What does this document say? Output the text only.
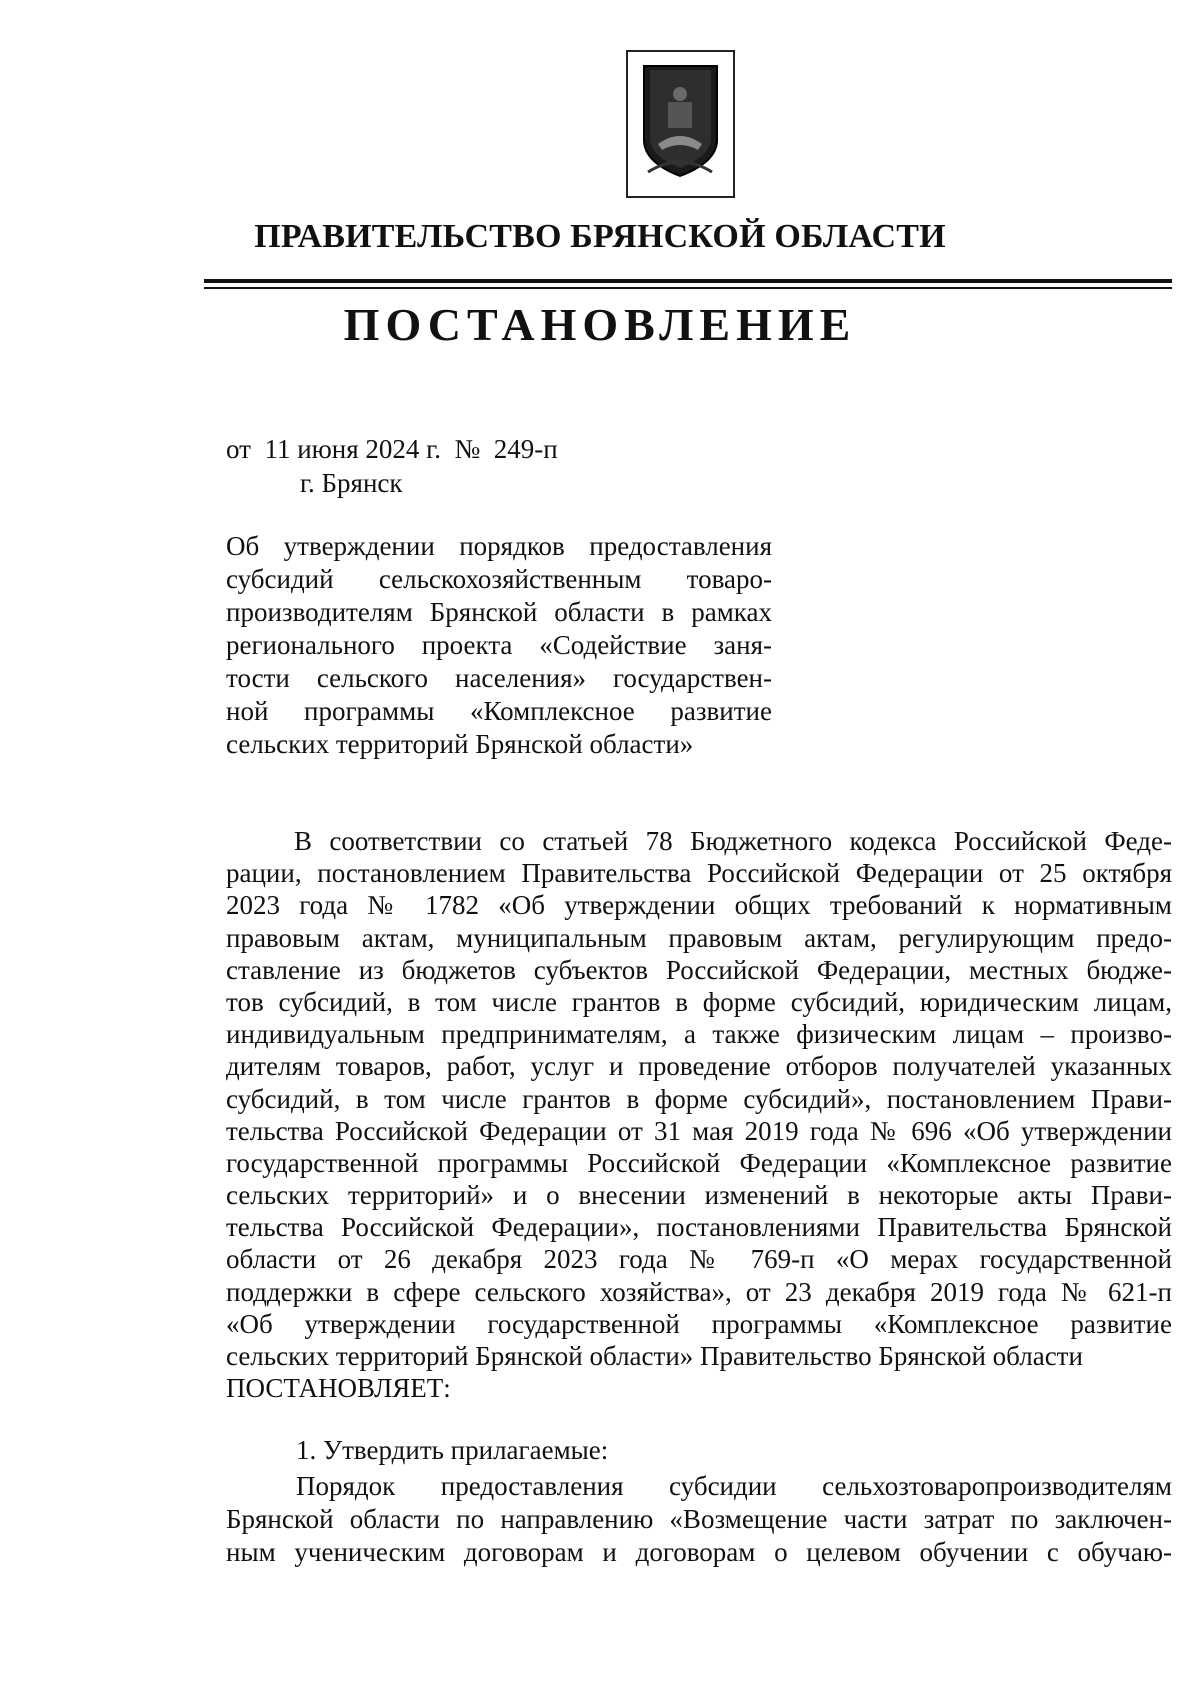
ПРАВИТЕЛЬСТВО БРЯНСКОЙ ОБЛАСТИ
ПОСТАНОВЛЕНИЕ
от  11 июня 2024 г.  №  249-п
г. Брянск
Об утверждении порядков предоставления
субсидий сельскохозяйственным товаро-
производителям Брянской области в рамках
регионального проекта «Содействие заня-
тости сельского населения» государствен-
ной программы «Комплексное развитие
сельских территорий Брянской области»
В соответствии со статьей 78 Бюджетного кодекса Российской Феде-
рации, постановлением Правительства Российской Федерации от 25 октября
2023 года № 1782 «Об утверждении общих требований к нормативным
правовым актам, муниципальным правовым актам, регулирующим предо-
ставление из бюджетов субъектов Российской Федерации, местных бюдже-
тов субсидий, в том числе грантов в форме субсидий, юридическим лицам,
индивидуальным предпринимателям, а также физическим лицам – произво-
дителям товаров, работ, услуг и проведение отборов получателей указанных
субсидий, в том числе грантов в форме субсидий», постановлением Прави-
тельства Российской Федерации от 31 мая 2019 года № 696 «Об утверждении
государственной программы Российской Федерации «Комплексное развитие
сельских территорий» и о внесении изменений в некоторые акты Прави-
тельства Российской Федерации», постановлениями Правительства Брянской
области от 26 декабря 2023 года № 769-п «О мерах государственной
поддержки в сфере сельского хозяйства», от 23 декабря 2019 года № 621-п
«Об утверждении государственной программы «Комплексное развитие
сельских территорий Брянской области» Правительство Брянской области
ПОСТАНОВЛЯЕТ:
1. Утвердить прилагаемые:
Порядок предоставления субсидии сельхозтоваропроизводителям
Брянской области по направлению «Возмещение части затрат по заключен-
ным ученическим договорам и договорам о целевом обучении с обучаю-
